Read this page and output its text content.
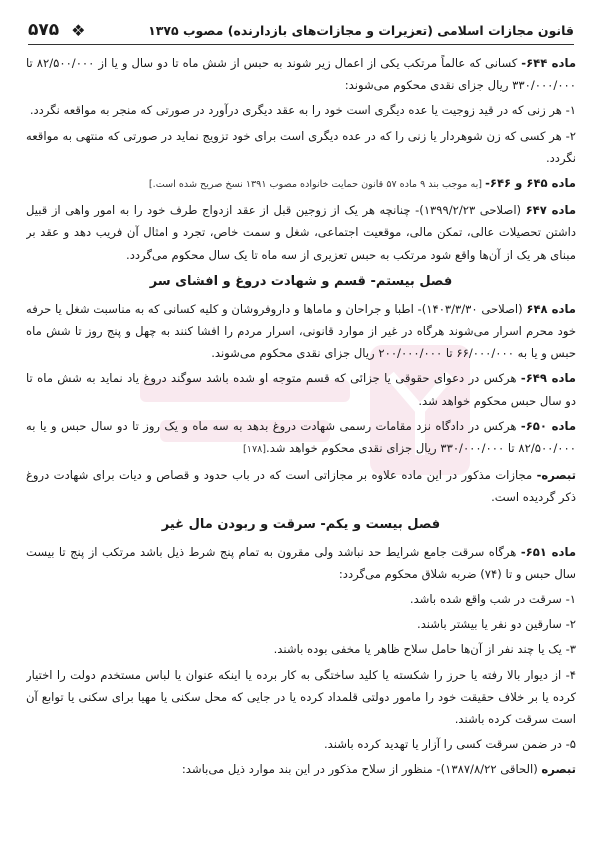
قانون مجازات اسلامی (تعزیرات و مجازات‌های بازدارنده) مصوب ۱۳۷۵
۵۷۵ ❖

ماده ۶۴۴- کسانی که عالماً مرتکب یکی از اعمال زیر شوند به حبس از شش ماه تا دو سال و یا از ۸۲/۵۰۰/۰۰۰ تا ۳۳۰/۰۰۰/۰۰۰ ریال جزای نقدی محکوم می‌شوند:

۱- هر زنی که در قید زوجیت یا عده دیگری است خود را به عقد دیگری درآورد در صورتی که منجر به مواقعه نگردد.

۲- هر کسی که زن شوهردار یا زنی را که در عده دیگری است برای خود تزویج نماید در صورتی که منتهی به مواقعه نگردد.

ماده ۶۴۵ و ۶۴۶- [به موجب بند ۹ ماده ۵۷ قانون حمایت خانواده مصوب ۱۳۹۱ نسخ صریح شده است.]

ماده ۶۴۷ (اصلاحی ۱۳۹۹/۲/۲۳)- چنانچه هر یک از زوجین قبل از عقد ازدواج طرف خود را به امور واهی از قبیل داشتن تحصیلات عالی، تمکن مالی، موقعیت اجتماعی، شغل و سمت خاص، تجرد و امثال آن فریب دهد و عقد بر مبنای هر یک از آن‌ها واقع شود مرتکب به حبس تعزیری از سه ماه تا یک سال محکوم می‌گردد.

فصل بیستم- قسم و شهادت دروغ و افشای سر

ماده ۶۴۸ (اصلاحی ۱۴۰۳/۳/۳۰)- اطبا و جراحان و ماماها و داروفروشان و کلیه کسانی که به مناسبت شغل یا حرفه خود محرم اسرار می‌شوند هرگاه در غیر از موارد قانونی، اسرار مردم را افشا کنند به چهل و پنج روز تا شش ماه حبس و یا به ۶۶/۰۰۰/۰۰۰ تا ۲۰۰/۰۰۰/۰۰۰ ریال جزای نقدی محکوم می‌شوند.

ماده ۶۴۹- هرکس در دعوای حقوقی یا جزائی که قسم متوجه او شده باشد سوگند دروغ یاد نماید به شش ماه تا دو سال حبس محکوم خواهد شد.

ماده ۶۵۰- هرکس در دادگاه نزد مقامات رسمی شهادت دروغ بدهد به سه ماه و یک روز تا دو سال حبس و یا به ۸۲/۵۰۰/۰۰۰ تا ۳۳۰/۰۰۰/۰۰۰ ریال جزای نقدی محکوم خواهد شد.[۱۷۸]

تبصره- مجازات مذکور در این ماده علاوه بر مجازاتی است که در باب حدود و قصاص و دیات برای شهادت دروغ ذکر گردیده است.

فصل بیست و یکم- سرقت و ربودن مال غیر

ماده ۶۵۱- هرگاه سرقت جامع شرایط حد نباشد ولی مقرون به تمام پنج شرط ذیل باشد مرتکب از پنج تا بیست سال حبس و تا (۷۴) ضربه شلاق محکوم می‌گردد:

۱- سرقت در شب واقع شده باشد.

۲- سارقین دو نفر یا بیشتر باشند.

۳- یک یا چند نفر از آن‌ها حامل سلاح ظاهر یا مخفی بوده باشند.

۴- از دیوار بالا رفته یا حرز را شکسته یا کلید ساختگی به کار برده یا اینکه عنوان یا لباس مستخدم دولت را اختیار کرده یا بر خلاف حقیقت خود را مامور دولتی قلمداد کرده یا در جایی که محل سکنی یا مهیا برای سکنی یا توابع آن است سرقت کرده باشند.

۵- در ضمن سرقت کسی را آزار یا تهدید کرده باشند.

تبصره (الحاقی ۱۳۸۷/۸/۲۲)- منظور از سلاح مذکور در این بند موارد ذیل می‌باشد:
